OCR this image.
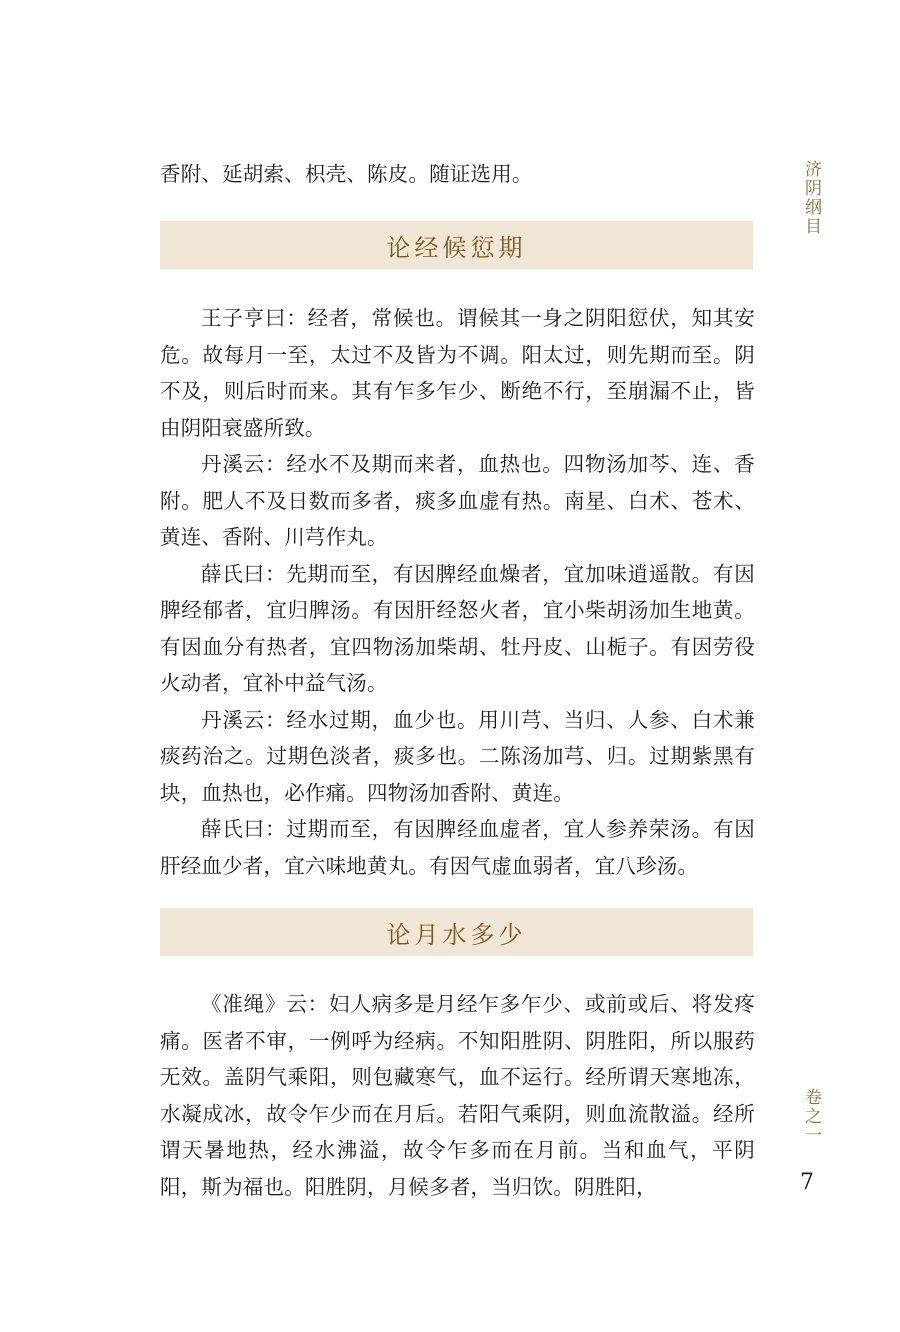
济阴纲目

香附、延胡索、枳壳、陈皮。随证选用。

论经候愆期

王子亨曰：经者，常候也。谓候其一身之阴阳愆伏，知其安危。故每月一至，太过不及皆为不调。阳太过，则先期而至。阴不及，则后时而来。其有乍多乍少、断绝不行，至崩漏不止，皆由阴阳衰盛所致。

丹溪云：经水不及期而来者，血热也。四物汤加芩、连、香附。肥人不及日数而多者，痰多血虚有热。南星、白术、苍术、黄连、香附、川芎作丸。

薛氏曰：先期而至，有因脾经血燥者，宜加味逍遥散。有因脾经郁者，宜归脾汤。有因肝经怒火者，宜小柴胡汤加生地黄。有因血分有热者，宜四物汤加柴胡、牡丹皮、山栀子。有因劳役火动者，宜补中益气汤。

丹溪云：经水过期，血少也。用川芎、当归、人参、白术兼痰药治之。过期色淡者，痰多也。二陈汤加芎、归。过期紫黑有块，血热也，必作痛。四物汤加香附、黄连。

薛氏曰：过期而至，有因脾经血虚者，宜人参养荣汤。有因肝经血少者，宜六味地黄丸。有因气虚血弱者，宜八珍汤。

论月水多少

《准绳》云：妇人病多是月经乍多乍少、或前或后、将发疼痛。医者不审，一例呼为经病。不知阳胜阴、阴胜阳，所以服药无效。盖阴气乘阳，则包藏寒气，血不运行。经所谓天寒地冻，水凝成冰，故令乍少而在月后。若阳气乘阴，则血流散溢。经所谓天暑地热，经水沸溢，故令乍多而在月前。当和血气，平阴阳，斯为福也。阳胜阴，月候多者，当归饮。阴胜阳，

卷之一
7
